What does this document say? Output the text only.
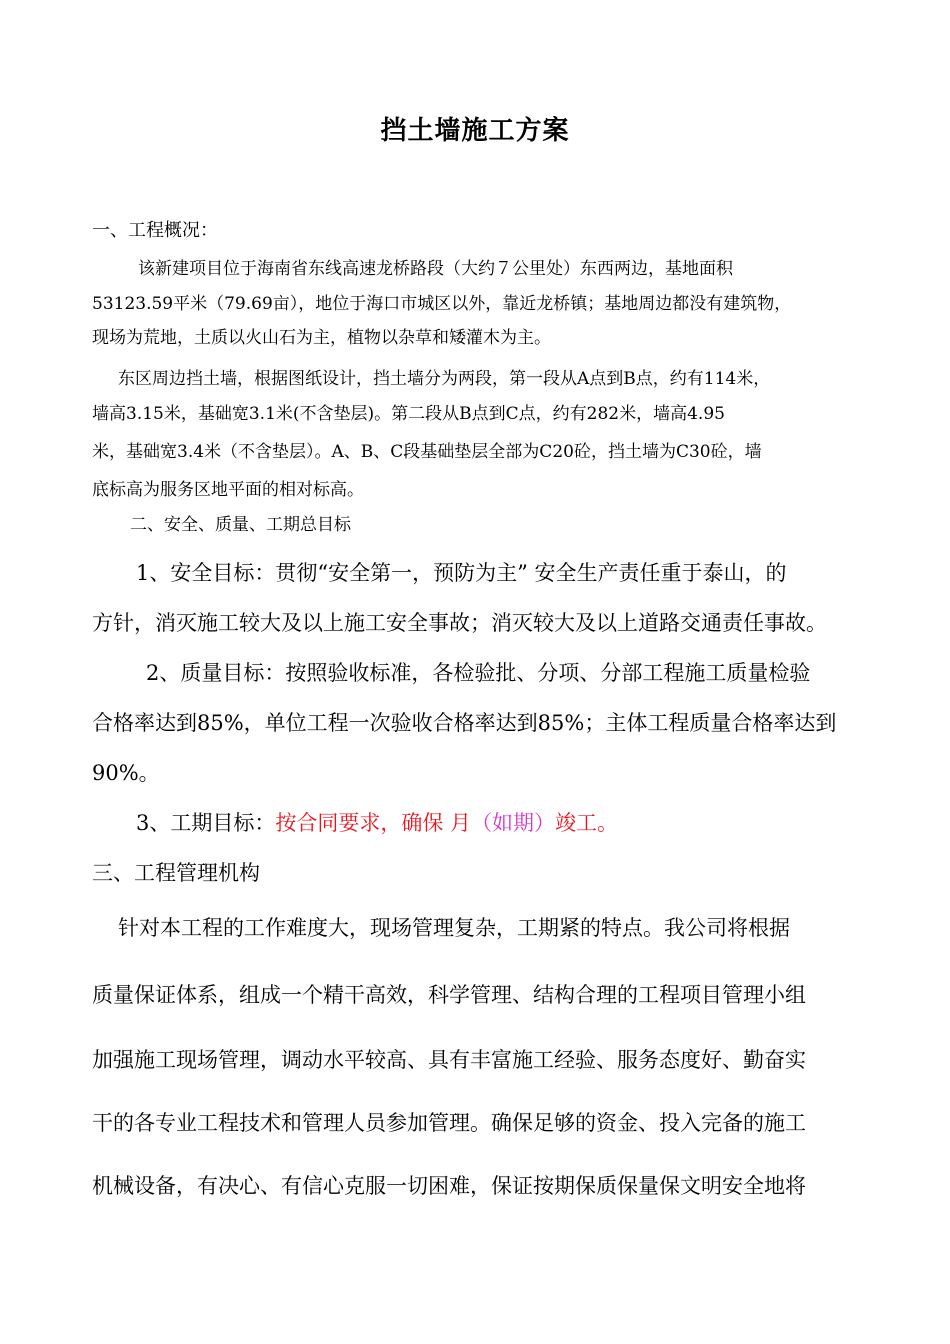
挡土墙施工方案
一、工程概况：
该新建项目位于海南省东线高速龙桥路段（大约７公里处）东西两边，基地面积
53123.59平米（79.69亩），地位于海口市城区以外，靠近龙桥镇；基地周边都没有建筑物，
现场为荒地，土质以火山石为主，植物以杂草和矮灌木为主。
东区周边挡土墙，根据图纸设计，挡土墙分为两段，第一段从A点到B点，约有114米，
墙高3.15米，基础宽3.1米(不含垫层)。第二段从B点到C点，约有282米，墙高4.95
米，基础宽3.4米（不含垫层）。A、B、C段基础垫层全部为C20砼，挡土墙为C30砼，墙
底标高为服务区地平面的相对标高。
二、安全、质量、工期总目标
1、安全目标：贯彻“安全第一，预防为主” 安全生产责任重于泰山，的
方针，消灭施工较大及以上施工安全事故；消灭较大及以上道路交通责任事故。
2、质量目标：按照验收标准，各检验批、分项、分部工程施工质量检验
合格率达到85%，单位工程一次验收合格率达到85%；主体工程质量合格率达到
90%。
3、工期目标：按合同要求，确保 月（如期）竣工。
三、工程管理机构
针对本工程的工作难度大，现场管理复杂，工期紧的特点。我公司将根据
质量保证体系，组成一个精干高效，科学管理、结构合理的工程项目管理小组
加强施工现场管理，调动水平较高、具有丰富施工经验、服务态度好、勤奋实
干的各专业工程技术和管理人员参加管理。确保足够的资金、投入完备的施工
机械设备，有决心、有信心克服一切困难，保证按期保质保量保文明安全地将
